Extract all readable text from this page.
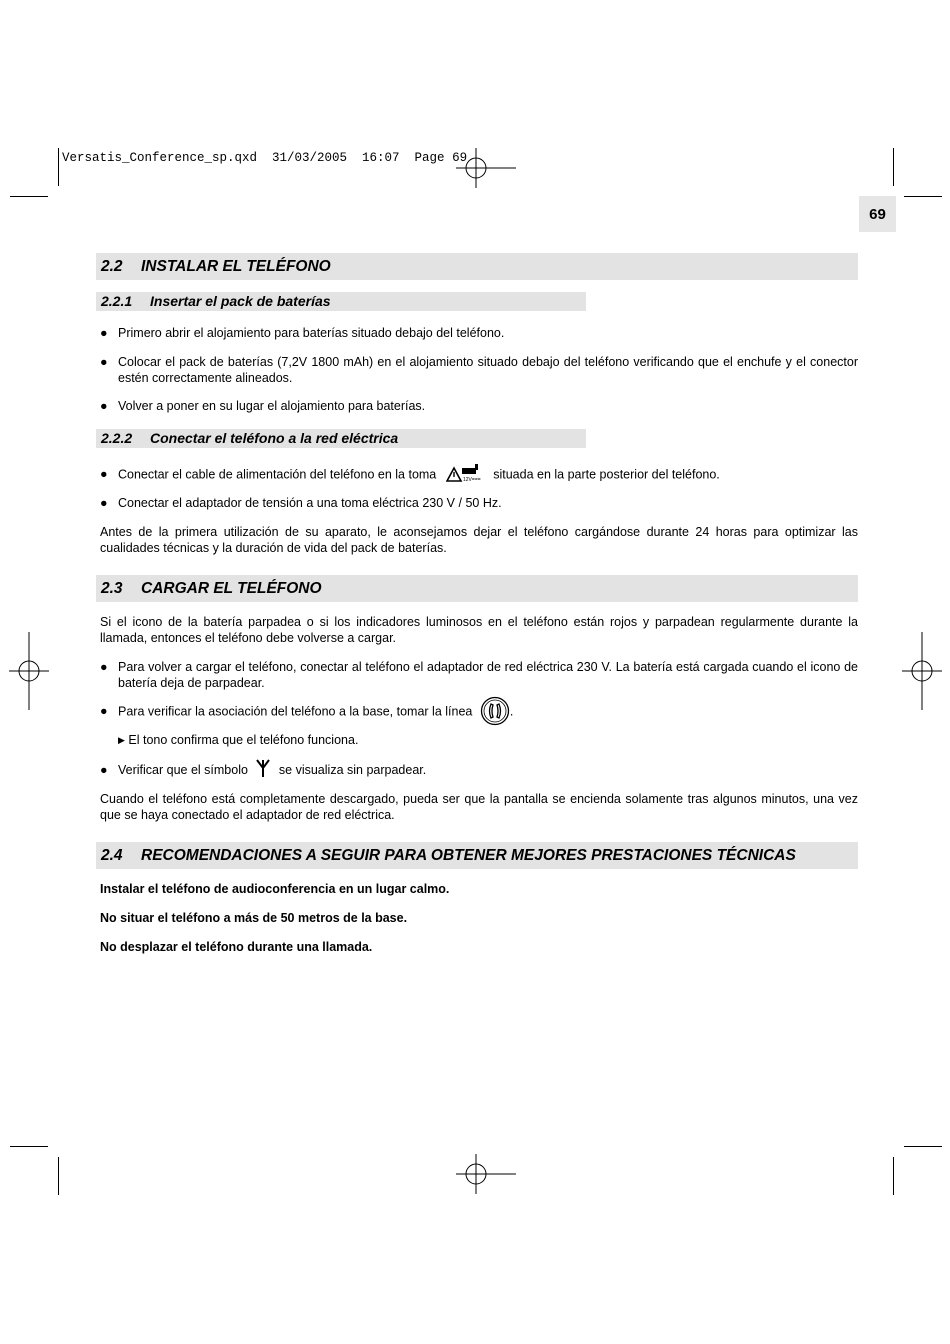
Versatis_Conference_sp.qxd  31/03/2005  16:07  Page 69
69
2.2 INSTALAR EL TELÉFONO
2.2.1 Insertar el pack de baterías
● Primero abrir el alojamiento para baterías situado debajo del teléfono.
● Colocar el pack de baterías (7,2V 1800 mAh) en el alojamiento situado debajo del teléfono verificando que el enchufe y el conector estén correctamente alineados.
● Volver a poner en su lugar el alojamiento para baterías.
2.2.2 Conectar el teléfono a la red eléctrica
● Conectar el cable de alimentación del teléfono en la toma	12V=== situada en la parte posterior del teléfono.
● Conectar el adaptador de tensión a una toma eléctrica 230 V / 50 Hz.
Antes de la primera utilización de su aparato, le aconsejamos dejar el teléfono cargándose durante 24 horas para optimizar las cualidades técnicas y la duración de vida del pack de baterías.
2.3 CARGAR EL TELÉFONO
Si el icono de la batería parpadea o si los indicadores luminosos en el teléfono están rojos y parpadean regularmente durante la llamada, entonces el teléfono debe volverse a cargar.
● Para volver a cargar el teléfono, conectar al teléfono el adaptador de red eléctrica 230 V. La batería está cargada cuando el icono de batería deja de parpadear.
● Para verificar la asociación del teléfono a la base, tomar la línea	.
▶ El tono confirma que el teléfono funciona.
● Verificar que el símbolo se visualiza sin parpadear.
Cuando el teléfono está completamente descargado, pueda ser que la pantalla se encienda solamente tras algunos minutos, una vez que se haya conectado el adaptador de red eléctrica.
2.4 RECOMENDACIONES A SEGUIR PARA OBTENER MEJORES PRESTACIONES TÉCNICAS
Instalar el teléfono de audioconferencia en un lugar calmo.
No situar el teléfono a más de 50 metros de la base.
No desplazar el teléfono durante una llamada.
